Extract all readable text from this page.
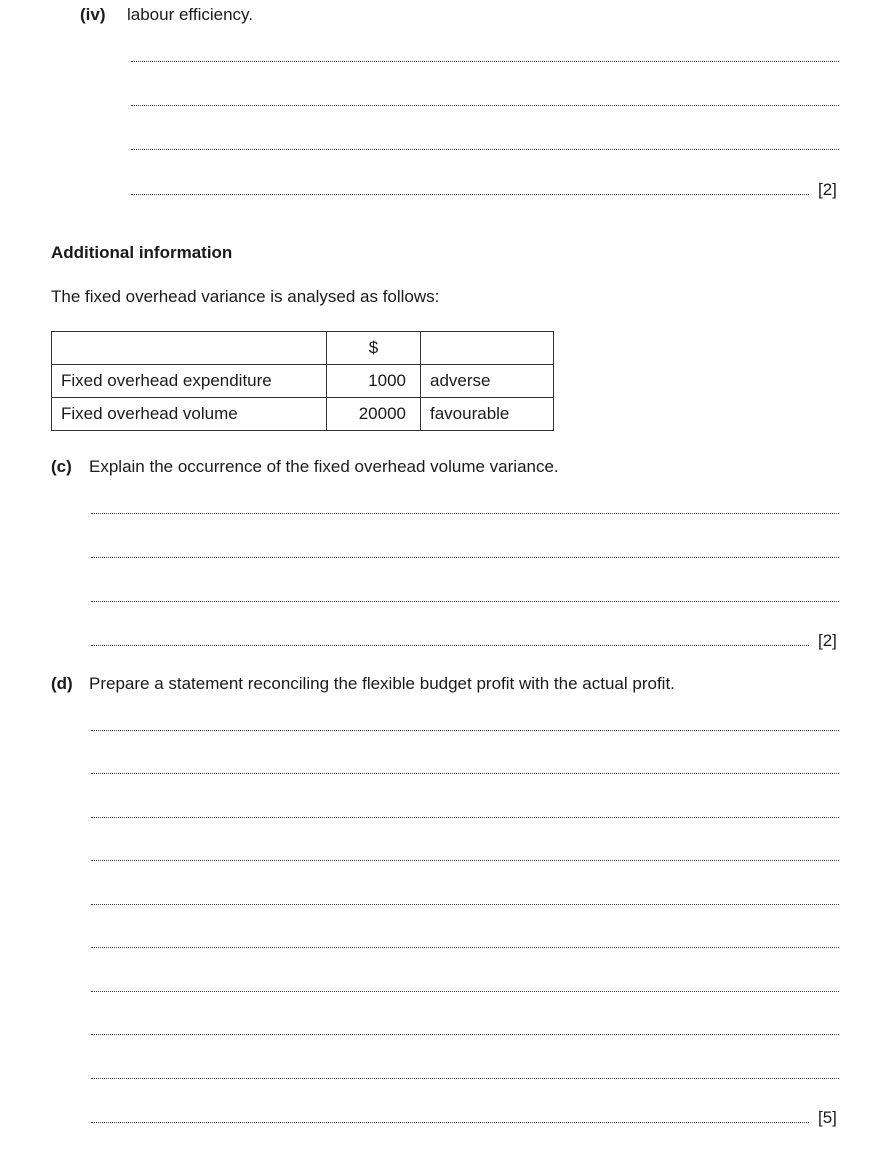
(iv) labour efficiency.
[2]
Additional information
The fixed overhead variance is analysed as follows:
	$	
Fixed overhead expenditure	1000	adverse
Fixed overhead volume	20000	favourable
(c) Explain the occurrence of the fixed overhead volume variance.
[2]
(d) Prepare a statement reconciling the flexible budget profit with the actual profit.
[5]
